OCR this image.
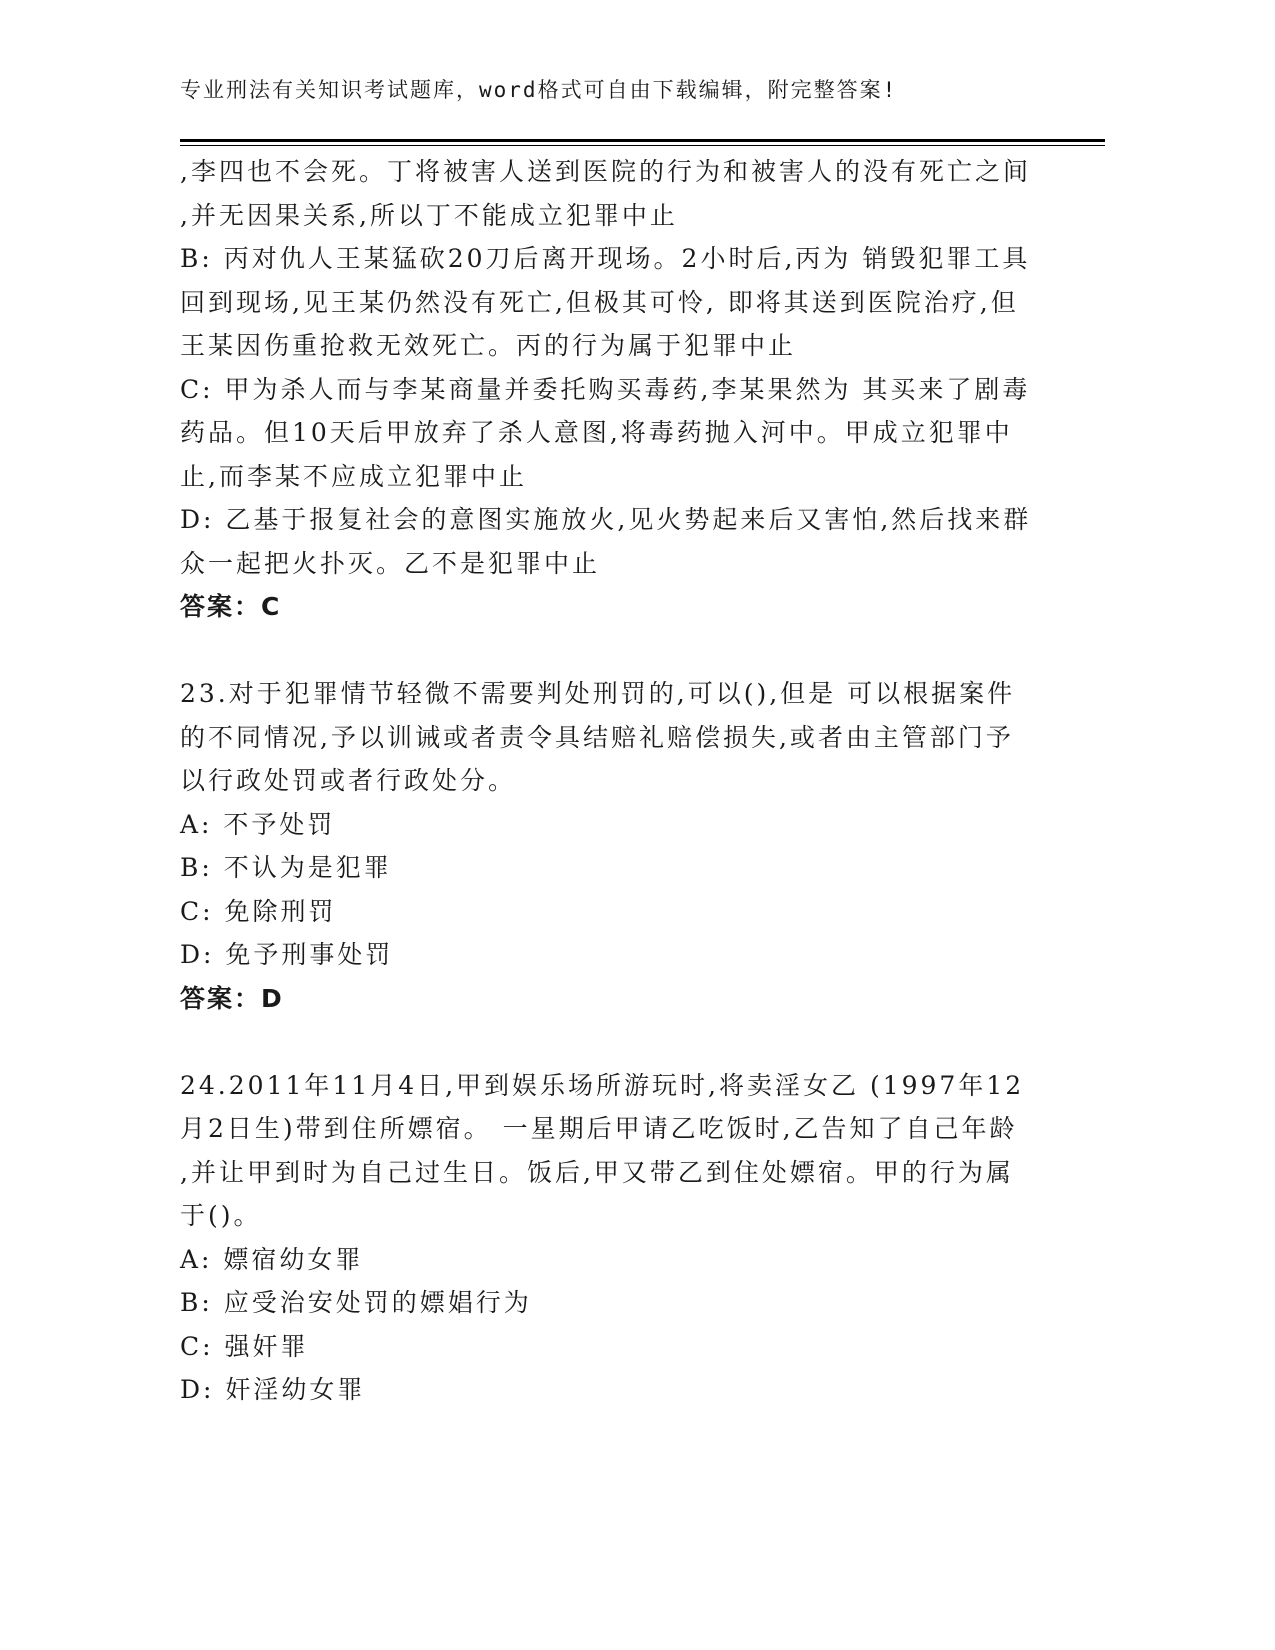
专业刑法有关知识考试题库，word格式可自由下载编辑，附完整答案!
,李四也不会死。丁将被害人送到医院的行为和被害人的没有死亡之间
,并无因果关系,所以丁不能成立犯罪中止
B: 丙对仇人王某猛砍20刀后离开现场。2小时后,丙为 销毁犯罪工具
回到现场,见王某仍然没有死亡,但极其可怜, 即将其送到医院治疗,但
王某因伤重抢救无效死亡。丙的行为属于犯罪中止
C: 甲为杀人而与李某商量并委托购买毒药,李某果然为 其买来了剧毒
药品。但10天后甲放弃了杀人意图,将毒药抛入河中。甲成立犯罪中
止,而李某不应成立犯罪中止
D: 乙基于报复社会的意图实施放火,见火势起来后又害怕,然后找来群
众一起把火扑灭。乙不是犯罪中止
答案：C
23.对于犯罪情节轻微不需要判处刑罚的,可以(),但是 可以根据案件
的不同情况,予以训诫或者责令具结赔礼赔偿损失,或者由主管部门予
以行政处罚或者行政处分。
A: 不予处罚
B: 不认为是犯罪
C: 免除刑罚
D: 免予刑事处罚
答案：D
24.2011年11月4日,甲到娱乐场所游玩时,将卖淫女乙 (1997年12
月2日生)带到住所嫖宿。 一星期后甲请乙吃饭时,乙告知了自己年龄
,并让甲到时为自己过生日。饭后,甲又带乙到住处嫖宿。甲的行为属
于()。
A: 嫖宿幼女罪
B: 应受治安处罚的嫖娼行为
C: 强奸罪
D: 奸淫幼女罪
